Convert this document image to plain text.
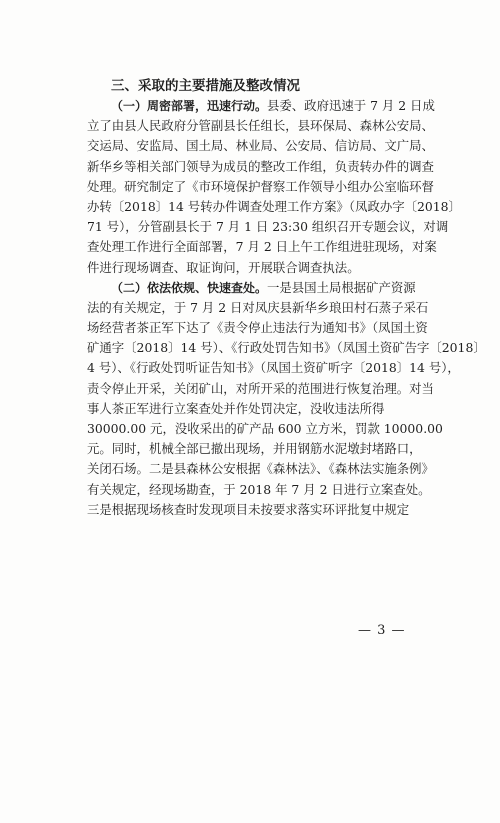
三、采取的主要措施及整改情况

（一）周密部署，迅速行动。县委、政府迅速于 7 月 2 日成
立了由县人民政府分管副县长任组长，县环保局、森林公安局、
交运局、安监局、国土局、林业局、公安局、信访局、文广局、
新华乡等相关部门领导为成员的整改工作组，负责转办件的调查
处理。研究制定了《市环境保护督察工作领导小组办公室临环督
办转〔2018〕14 号转办件调查处理工作方案》（凤政办字〔2018〕
71 号），分管副县长于 7 月 1 日 23:30 组织召开专题会议，对调
查处理工作进行全面部署，7 月 2 日上午工作组进驻现场，对案
件进行现场调查、取证询问，开展联合调查执法。

（二）依法依规、快速查处。一是县国土局根据矿产资源
法的有关规定，于 7 月 2 日对凤庆县新华乡琅田村石蒸子采石
场经营者茶正军下达了《责令停止违法行为通知书》（凤国土资
矿通字〔2018〕14 号）、《行政处罚告知书》（凤国土资矿告字〔2018〕
4 号）、《行政处罚听证告知书》（凤国土资矿听字〔2018〕14 号），
责令停止开采，关闭矿山，对所开采的范围进行恢复治理。对当
事人茶正军进行立案查处并作处罚决定，没收违法所得
30000.00 元，没收采出的矿产品 600 立方米，罚款 10000.00
元。同时，机械全部已撤出现场，并用钢筋水泥墩封堵路口，
关闭石场。二是县森林公安根据《森林法》、《森林法实施条例》
有关规定，经现场勘查，于 2018 年 7 月 2 日进行立案查处。
三是根据现场核查时发现项目未按要求落实环评批复中规定

— 3 —
